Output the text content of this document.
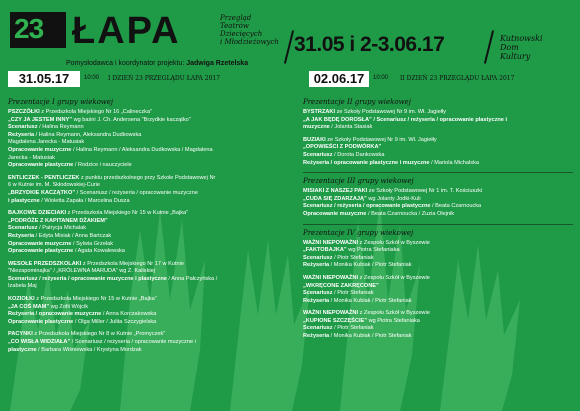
23 ŁAPA	Przegląd
Teatrów
Dziecięcych
i Młodzieżowych
Pomysłodawca i koordynator projektu: Jadwiga Rzetelska
31.05.17	10:00 I DZIEŃ 23 PRZEGLĄDU ŁAPA 2017
31.05 i 2-3.06.17	Kutnowski
Dom
Kultury
02.06.17	10:00 II DZIEŃ 23 PRZEGLĄDU ŁAPA 2017
Prezentacje I grupy wiekowej
PSZCZÓŁKI z Przedszkola Miejskiego Nr 16 „Calineczka”
„CZY JA JESTEM INNY” wg baśni J. Ch. Andersena "Brzydkie kaczątko"
Scenariusz / Halina Reymann
Reżyseria / Halina Reymann, Aleksandra Dudkowska
Magdalena Jarecka - Matusiak
Opracowanie muzyczne / Halina Reymann / Aleksandra Dudkowska / Magdalena
Jarecka - Matusiak
Opracowanie plastyczne / Rodzice i nauczyciele
ENTLICZEK - PENTLICZEK z punktu przedszkolnego przy Szkole Podstawowej Nr
6 w Kutnie im. M. Skłodowskiej-Curie
„BRZYDKIE KACZĄTKO” / Scenariusz / reżyseria / opracowanie muzyczne
i plastyczne / Wioletta Zapała / Marcelina Dusza
BAJKOWE DZIECIAKI z Przedszkola Miejskiego Nr 15 w Kutnie „Bajka”
„PODRÓŻE Z KAPITANEM DŻAKIEM”
Scenariusz / Patrycja Michalak
Reżyseria / Edyta Misiak / Anna Bartczak
Opracowanie muzyczne / Sylwia Grzelak
Opracowanie plastyczne / Agata Kowalewska
WESOŁE PRZEDSZKOLAKI z Przedszkola Miejskiego Nr 17 w Kutnie
"Niezapominajka" / „KRÓLEWNA MARUDA” wg Z. Kaliskiej
Scenariusz / reżyseria / opracowanie muzyczne i plastyczne / Anna Pałczyńska /
Izabela Maj
KOZIOŁKI z Przedszkola Miejskiego Nr 15 w Kutnie „Bajka”
„JA COŚ MAM” wg Zofii Wójcik
Reżyseria / opracowanie muzyczne / Anna Korczakowska
Opracowanie plastyczne / Olga Miller / Julita Szczygielska
PACYNKI z Przedszkola Miejskiego Nr 8 w Kutnie „Promyczek”
„CO WISŁA WIDZIAŁA” / Scenariusz / reżyseria / opracowanie muzyczne i
plastyczne / Barbara Wiśniewska / Krystyna Mordzak
Prezentacje II grupy wiekowej
BYSTRZAKI ze Szkoły Podstawowej Nr 9 im. Wł. Jagiełły
„A JAK BĘDĘ DOROSŁA” / Scenariusz / reżyseria / opracowanie plastyczne i
muzyczne / Jolanta Stasiak
BUZIAKI ze Szkoły Podstawowej Nr 9 im. Wł. Jagiełły
„OPOWIEŚCI Z PODWÓRKA”
Scenariusz / Dorota Dankowska
Reżyseria / opracowanie plastyczne i muzyczne / Mariola Michalska
Prezentacje III grupy wiekowej
MISIAKI Z NASZEJ PAKI ze Szkoły Podstawowej Nr 1 im. T. Kościuszki
„CUDA SIĘ ZDARZAJĄ” wg Jolanty Jodki-Kuli
Scenariusz / reżyseria / opracowanie plastyczne / Beata Czarnoucka
Opracowanie muzyczne / Beata Czarnoucka / Zuzia Olejnik
Prezentacje IV grupy wiekowej
WAŻNI NIEPOWAŻNI z Zespołu Szkół w Byszewie
„FAKTOBAJKA” wg Piotra Stefaniaka
Scenariusz / Piotr Stefaniak
Reżyseria / Monika Kubiak / Piotr Stefaniak
WAŻNI NIEPOWAŻNI z Zespołu Szkół w Byszewie
„WKRĘCONE ZAKRĘCONE”
Scenariusz / Piotr Stefaniak
Reżyseria / Monika Kubiak / Piotr Stefaniak
WAŻNI NIEPOWAŻNI z Zespołu Szkół w Byszewie
„KUPIONE SZCZĘŚCIE” wg Piotra Stefaniaka
Scenariusz / Piotr Stefaniak
Reżyseria / Monika Kubiak / Piotr Stefaniak
